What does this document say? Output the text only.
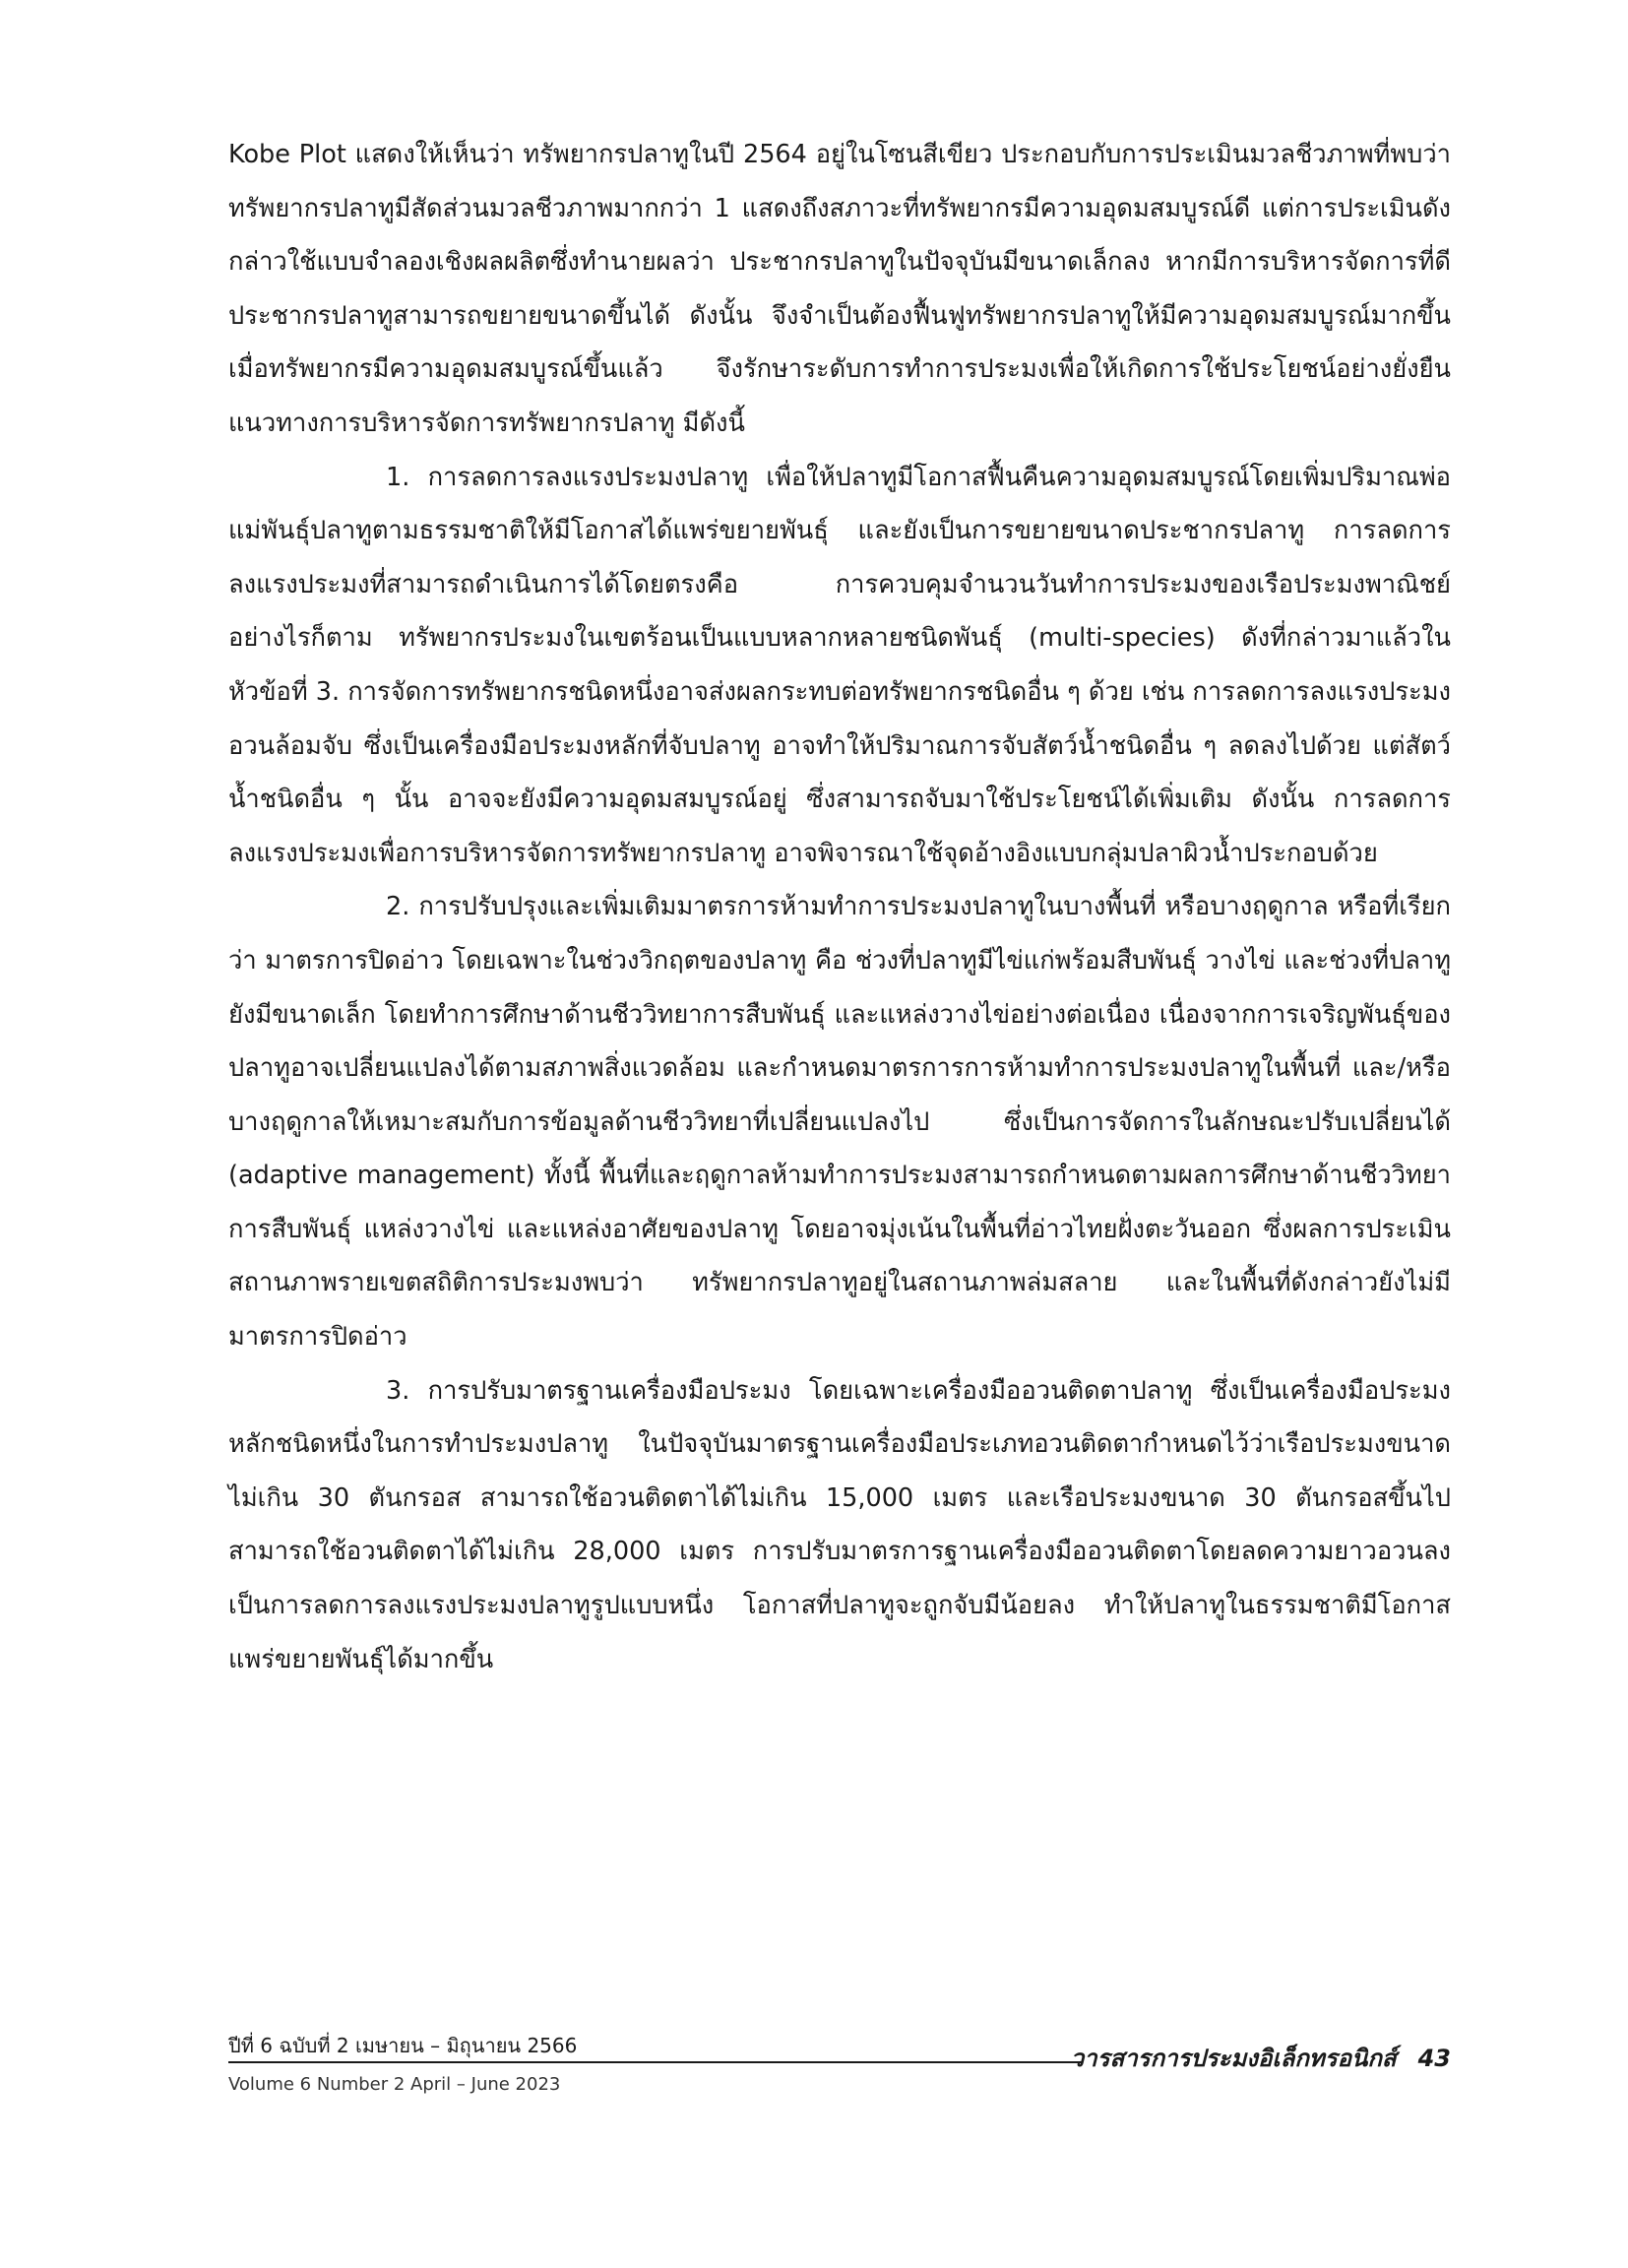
Kobe Plot แสดงให้เห็นว่า ทรัพยากรปลาทูในปี 2564 อยู่ในโซนสีเขียว ประกอบกับการประเมินมวลชีวภาพที่พบว่า ทรัพยากรปลาทูมีสัดส่วนมวลชีวภาพมากกว่า 1 แสดงถึงสภาวะที่ทรัพยากรมีความอุดมสมบูรณ์ดี แต่การประเมินดังกล่าวใช้แบบจำลองเชิงผลผลิตซึ่งทำนายผลว่า ประชากรปลาทูในปัจจุบันมีขนาดเล็กลง หากมีการบริหารจัดการที่ดี ประชากรปลาทูสามารถขยายขนาดขึ้นได้ ดังนั้น จึงจำเป็นต้องฟื้นฟูทรัพยากรปลาทูให้มีความอุดมสมบูรณ์มากขึ้น เมื่อทรัพยากรมีความอุดมสมบูรณ์ขึ้นแล้ว จึงรักษาระดับการทำการประมงเพื่อให้เกิดการใช้ประโยชน์อย่างยั่งยืน แนวทางการบริหารจัดการทรัพยากรปลาทู มีดังนี้

1. การลดการลงแรงประมงปลาทู เพื่อให้ปลาทูมีโอกาสฟื้นคืนความอุดมสมบูรณ์โดยเพิ่มปริมาณพ่อแม่พันธุ์ปลาทูตามธรรมชาติให้มีโอกาสได้แพร่ขยายพันธุ์ และยังเป็นการขยายขนาดประชากรปลาทู การลดการลงแรงประมงที่สามารถดำเนินการได้โดยตรงคือ การควบคุมจำนวนวันทำการประมงของเรือประมงพาณิชย์ อย่างไรก็ตาม ทรัพยากรประมงในเขตร้อนเป็นแบบหลากหลายชนิดพันธุ์ (multi-species) ดังที่กล่าวมาแล้วในหัวข้อที่ 3. การจัดการทรัพยากรชนิดหนึ่งอาจส่งผลกระทบต่อทรัพยากรชนิดอื่น ๆ ด้วย เช่น การลดการลงแรงประมงอวนล้อมจับ ซึ่งเป็นเครื่องมือประมงหลักที่จับปลาทู อาจทำให้ปริมาณการจับสัตว์น้ำชนิดอื่น ๆ ลดลงไปด้วย แต่สัตว์น้ำชนิดอื่น ๆ นั้น อาจจะยังมีความอุดมสมบูรณ์อยู่ ซึ่งสามารถจับมาใช้ประโยชน์ได้เพิ่มเติม ดังนั้น การลดการลงแรงประมงเพื่อการบริหารจัดการทรัพยากรปลาทู อาจพิจารณาใช้จุดอ้างอิงแบบกลุ่มปลาผิวน้ำประกอบด้วย

2. การปรับปรุงและเพิ่มเติมมาตรการห้ามทำการประมงปลาทูในบางพื้นที่ หรือบางฤดูกาล หรือที่เรียกว่า มาตรการปิดอ่าว โดยเฉพาะในช่วงวิกฤตของปลาทู คือ ช่วงที่ปลาทูมีไข่แก่พร้อมสืบพันธุ์ วางไข่ และช่วงที่ปลาทูยังมีขนาดเล็ก โดยทำการศึกษาด้านชีววิทยาการสืบพันธุ์ และแหล่งวางไข่อย่างต่อเนื่อง เนื่องจากการเจริญพันธุ์ของปลาทูอาจเปลี่ยนแปลงได้ตามสภาพสิ่งแวดล้อม และกำหนดมาตรการการห้ามทำการประมงปลาทูในพื้นที่ และ/หรือบางฤดูกาลให้เหมาะสมกับการข้อมูลด้านชีววิทยาที่เปลี่ยนแปลงไป ซึ่งเป็นการจัดการในลักษณะปรับเปลี่ยนได้ (adaptive management) ทั้งนี้ พื้นที่และฤดูกาลห้ามทำการประมงสามารถกำหนดตามผลการศึกษาด้านชีววิทยาการสืบพันธุ์ แหล่งวางไข่ และแหล่งอาศัยของปลาทู โดยอาจมุ่งเน้นในพื้นที่อ่าวไทยฝั่งตะวันออก ซึ่งผลการประเมินสถานภาพรายเขตสถิติการประมงพบว่า ทรัพยากรปลาทูอยู่ในสถานภาพล่มสลาย และในพื้นที่ดังกล่าวยังไม่มีมาตรการปิดอ่าว

3. การปรับมาตรฐานเครื่องมือประมง โดยเฉพาะเครื่องมืออวนติดตาปลาทู ซึ่งเป็นเครื่องมือประมงหลักชนิดหนึ่งในการทำประมงปลาทู ในปัจจุบันมาตรฐานเครื่องมือประเภทอวนติดตากำหนดไว้ว่าเรือประมงขนาดไม่เกิน 30 ตันกรอส สามารถใช้อวนติดตาได้ไม่เกิน 15,000 เมตร และเรือประมงขนาด 30 ตันกรอสขึ้นไป สามารถใช้อวนติดตาได้ไม่เกิน 28,000 เมตร การปรับมาตรการฐานเครื่องมืออวนติดตาโดยลดความยาวอวนลงเป็นการลดการลงแรงประมงปลาทูรูปแบบหนึ่ง โอกาสที่ปลาทูจะถูกจับมีน้อยลง ทำให้ปลาทูในธรรมชาติมีโอกาสแพร่ขยายพันธุ์ได้มากขึ้น

ปีที่ 6 ฉบับที่ 2 เมษายน – มิถุนายน 2566
Volume 6 Number 2 April – June 2023
วารสารการประมงอิเล็กทรอนิกส์ 43
